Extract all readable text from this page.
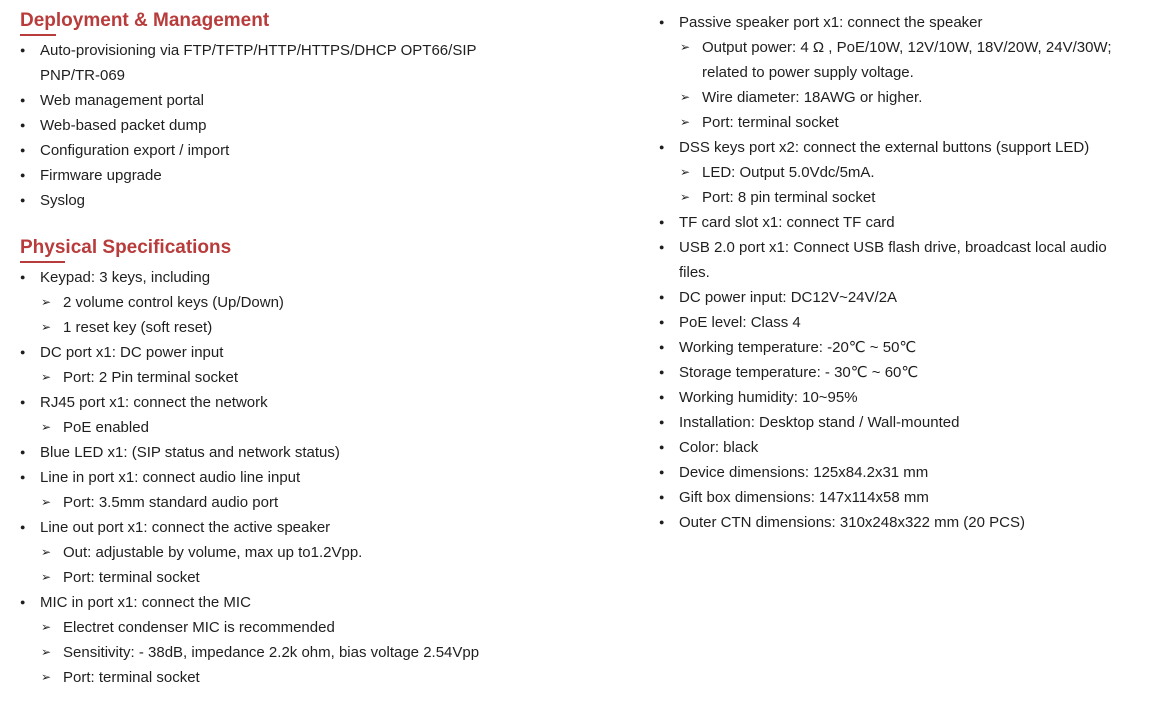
Deployment & Management
● Auto-provisioning via FTP/TFTP/HTTP/HTTPS/DHCP OPT66/SIP
PNP/TR-069
● Web management portal
● Web-based packet dump
● Configuration export / import
● Firmware upgrade
● Syslog
Physical Specifications
● Keypad: 3 keys, including
➢ 2 volume control keys (Up/Down)
➢ 1 reset key (soft reset)
● DC port x1: DC power input
➢ Port: 2 Pin terminal socket
● RJ45 port x1: connect the network
➢ PoE enabled
● Blue LED x1: (SIP status and network status)
● Line in port x1: connect audio line input
➢ Port: 3.5mm standard audio port
● Line out port x1: connect the active speaker
➢ Out: adjustable by volume, max up to1.2Vpp.
➢ Port: terminal socket
● MIC in port x1: connect the MIC
➢ Electret condenser MIC is recommended
➢ Sensitivity: - 38dB, impedance 2.2k ohm, bias voltage 2.54Vpp
➢ Port: terminal socket
● Passive speaker port x1: connect the speaker
➢ Output power: 4 Ω , PoE/10W, 12V/10W, 18V/20W, 24V/30W;
related to power supply voltage.
➢ Wire diameter: 18AWG or higher.
➢ Port: terminal socket
● DSS keys port x2: connect the external buttons (support LED)
➢ LED: Output 5.0Vdc/5mA.
➢ Port: 8 pin terminal socket
● TF card slot x1: connect TF card
● USB 2.0 port x1: Connect USB flash drive, broadcast local audio
files.
● DC power input: DC12V~24V/2A
● PoE level: Class 4
● Working temperature: -20℃ ~ 50℃
● Storage temperature: - 30℃ ~ 60℃
● Working humidity: 10~95%
● Installation: Desktop stand / Wall-mounted
● Color: black
● Device dimensions: 125x84.2x31 mm
● Gift box dimensions: 147x114x58 mm
● Outer CTN dimensions: 310x248x322 mm (20 PCS)
